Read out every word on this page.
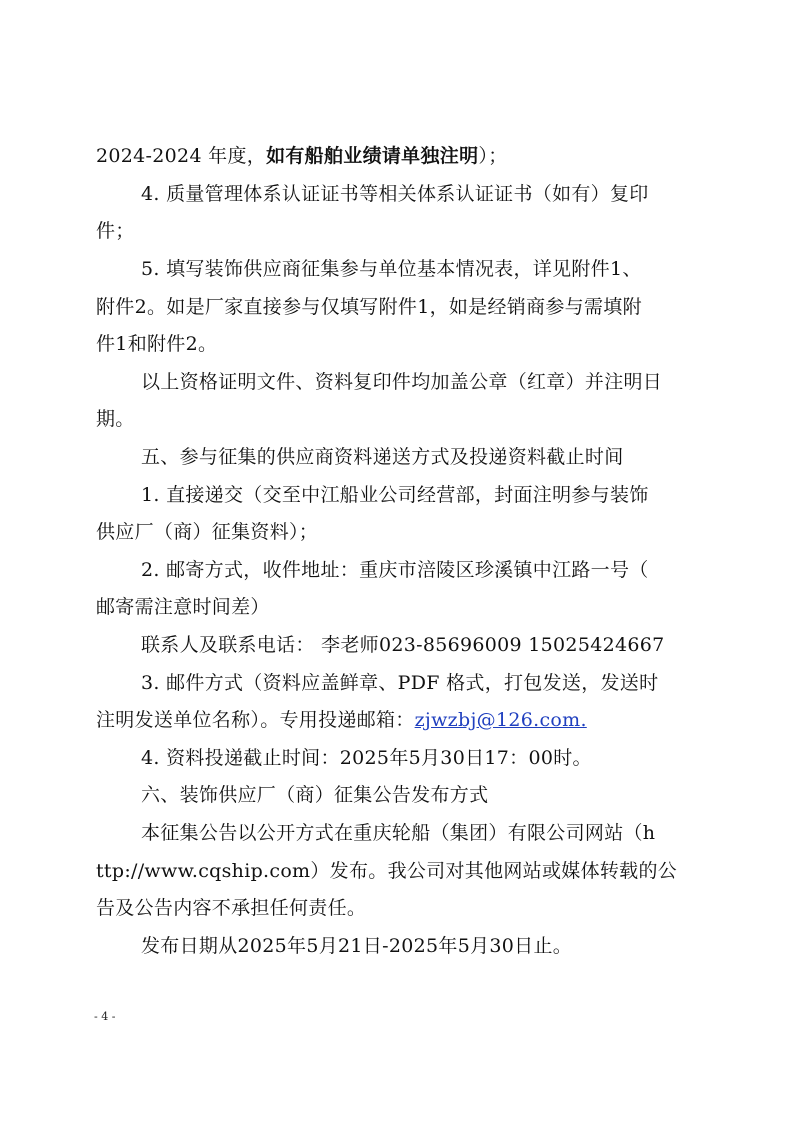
2024-2024 年度，如有船舶业绩请单独注明）；
4. 质量管理体系认证证书等相关体系认证证书（如有）复印
件；
5. 填写装饰供应商征集参与单位基本情况表，详见附件1、
附件2。如是厂家直接参与仅填写附件1，如是经销商参与需填附
件1和附件2。
以上资格证明文件、资料复印件均加盖公章（红章）并注明日
期。
五、参与征集的供应商资料递送方式及投递资料截止时间
1. 直接递交（交至中江船业公司经营部，封面注明参与装饰
供应厂（商）征集资料）；
2. 邮寄方式，收件地址：重庆市涪陵区珍溪镇中江路一号（
邮寄需注意时间差）
联系人及联系电话： 李老师023-85696009 15025424667
3. 邮件方式（资料应盖鲜章、PDF 格式，打包发送，发送时
注明发送单位名称）。专用投递邮箱：zjwzbj@126.com.
4. 资料投递截止时间：2025年5月30日17：00时。
六、装饰供应厂（商）征集公告发布方式
本征集公告以公开方式在重庆轮船（集团）有限公司网站（h
ttp://www.cqship.com）发布。我公司对其他网站或媒体转载的公
告及公告内容不承担任何责任。
发布日期从2025年5月21日-2025年5月30日止。
- 4 -
